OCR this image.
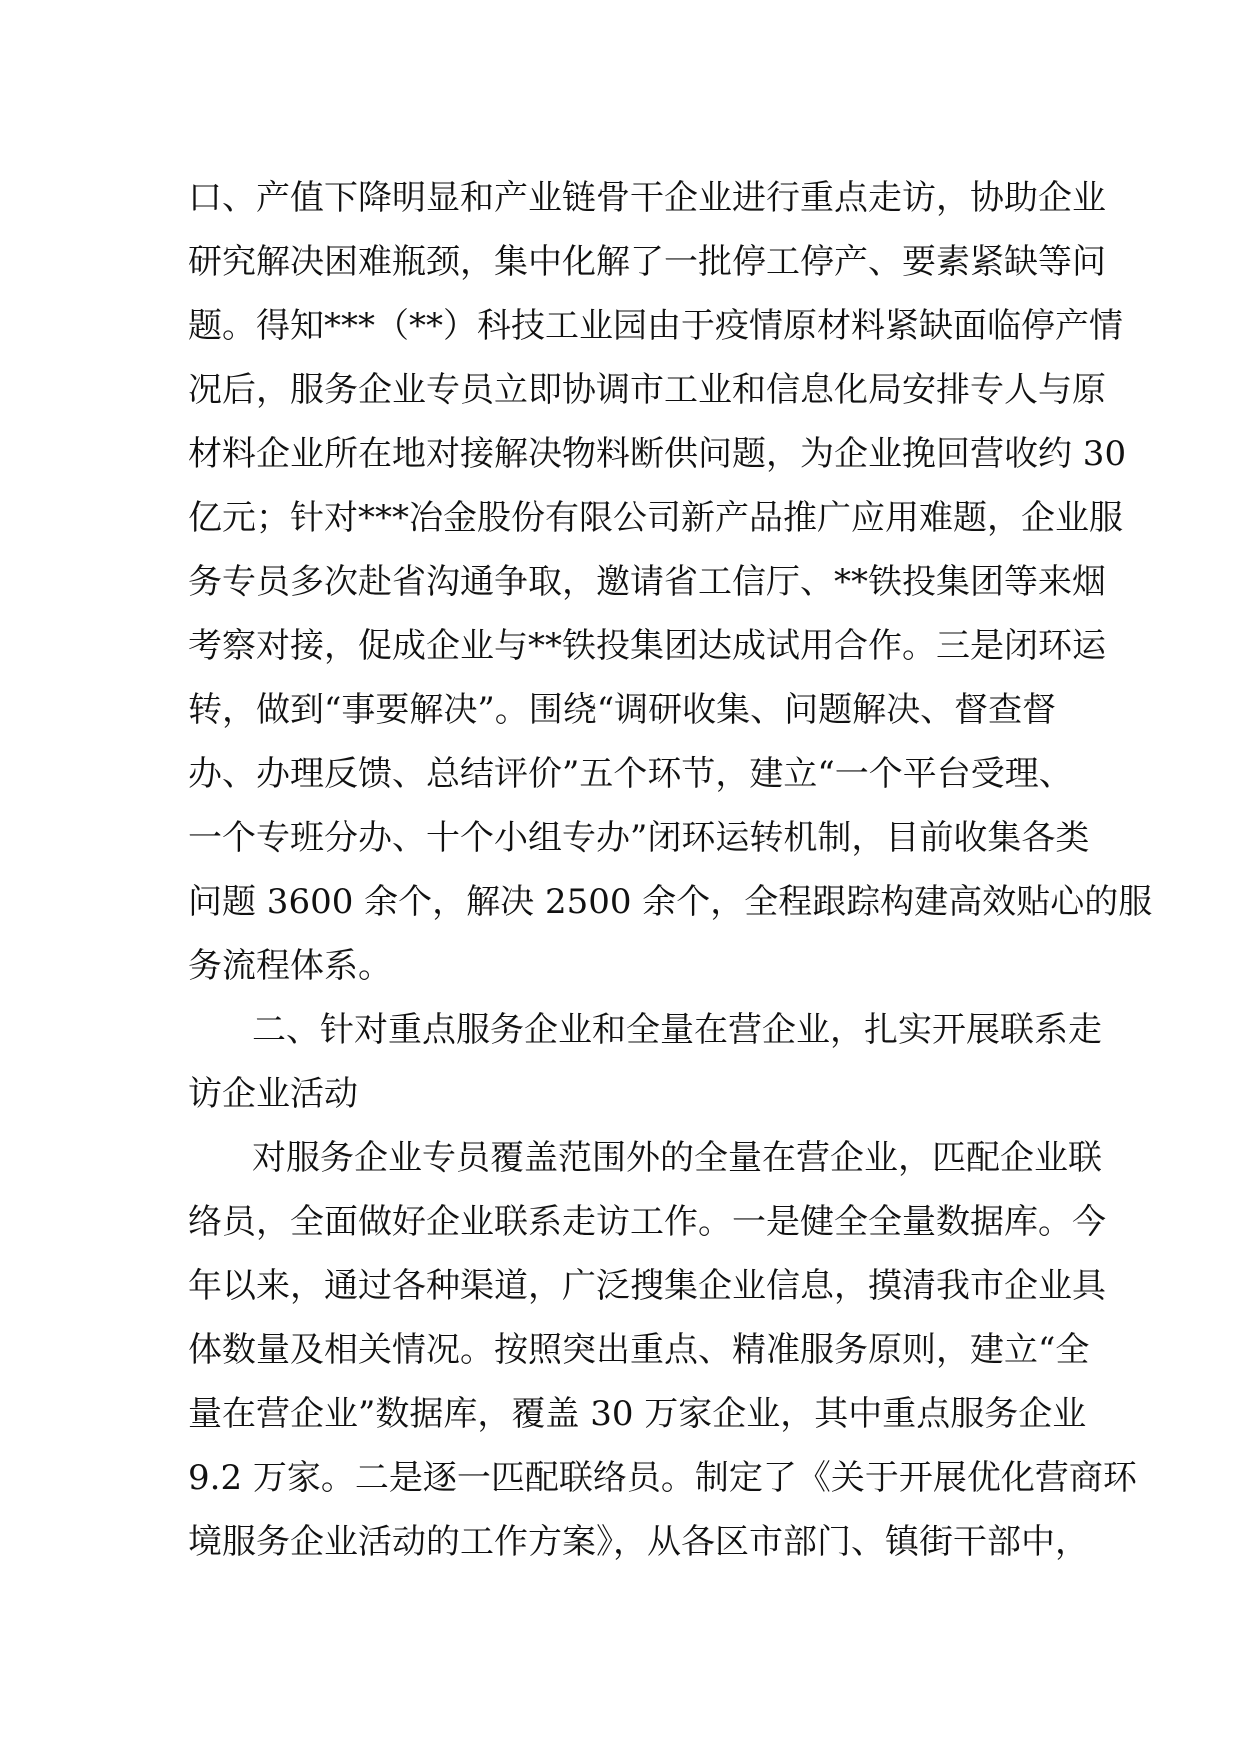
口、产值下降明显和产业链骨干企业进行重点走访，协助企业
研究解决困难瓶颈，集中化解了一批停工停产、要素紧缺等问
题。得知***（**）科技工业园由于疫情原材料紧缺面临停产情
况后，服务企业专员立即协调市工业和信息化局安排专人与原
材料企业所在地对接解决物料断供问题，为企业挽回营收约 30
亿元；针对***冶金股份有限公司新产品推广应用难题，企业服
务专员多次赴省沟通争取，邀请省工信厅、**铁投集团等来烟
考察对接，促成企业与**铁投集团达成试用合作。三是闭环运
转，做到“事要解决”。围绕“调研收集、问题解决、督查督
办、办理反馈、总结评价”五个环节，建立“一个平台受理、
一个专班分办、十个小组专办”闭环运转机制，目前收集各类
问题 3600 余个，解决 2500 余个，全程跟踪构建高效贴心的服
务流程体系。
二、针对重点服务企业和全量在营企业，扎实开展联系走
访企业活动
对服务企业专员覆盖范围外的全量在营企业，匹配企业联
络员，全面做好企业联系走访工作。一是健全全量数据库。今
年以来，通过各种渠道，广泛搜集企业信息，摸清我市企业具
体数量及相关情况。按照突出重点、精准服务原则，建立“全
量在营企业”数据库，覆盖 30 万家企业，其中重点服务企业
9.2 万家。二是逐一匹配联络员。制定了《关于开展优化营商环
境服务企业活动的工作方案》，从各区市部门、镇街干部中，
